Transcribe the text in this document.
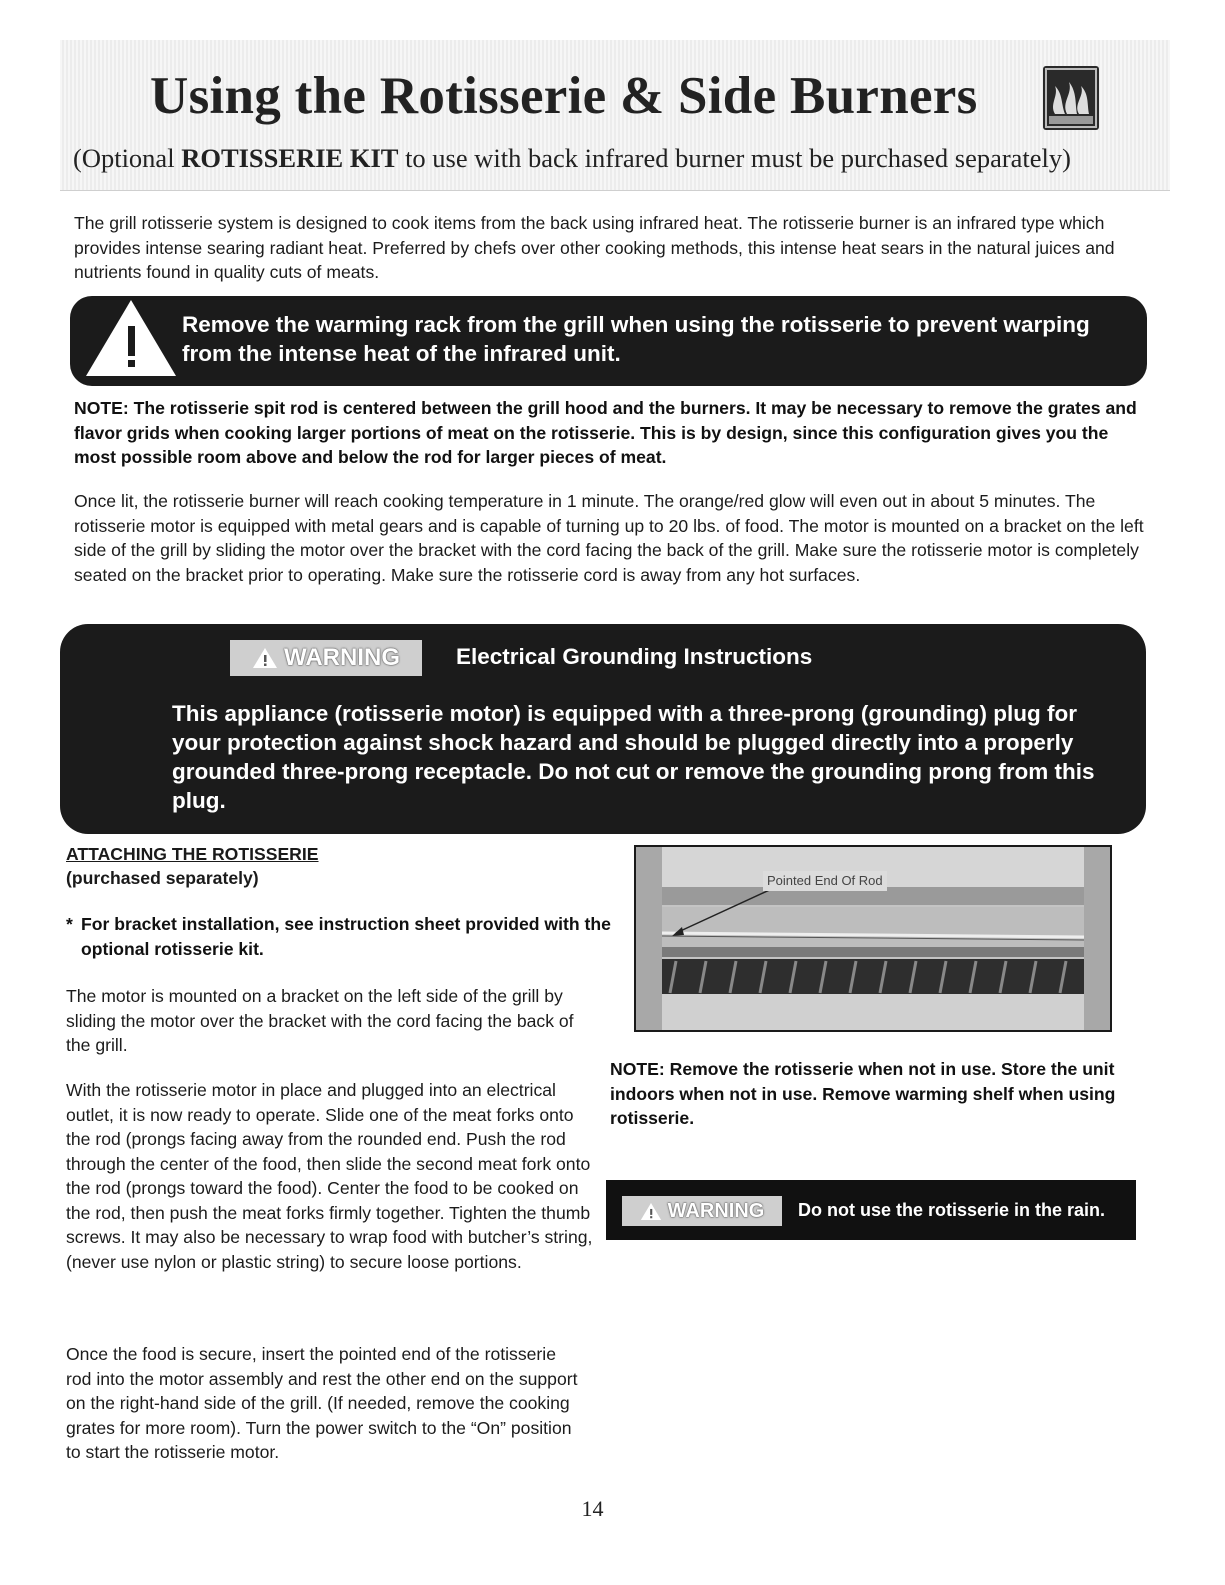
Using the Rotisserie & Side Burners
(Optional ROTISSERIE KIT to use with back infrared burner must be purchased separately)
The grill rotisserie system is designed to cook items from the back using infrared heat. The rotisserie burner is an infrared type which provides intense searing radiant heat. Preferred by chefs over other cooking methods, this intense heat sears in the natural juices and nutrients found in quality cuts of meats.
Remove the warming rack from the grill when using the rotisserie to prevent warping from the intense heat of the infrared unit.
NOTE: The rotisserie spit rod is centered between the grill hood and the burners. It may be necessary to remove the grates and flavor grids when cooking larger portions of meat on the rotisserie. This is by design, since this configuration gives you the most possible room above and below the rod for larger pieces of meat.
Once lit, the rotisserie burner will reach cooking temperature in 1 minute. The orange/red glow will even out in about 5 minutes. The rotisserie motor is equipped with metal gears and is capable of turning up to 20 lbs. of food. The motor is mounted on a bracket on the left side of the grill by sliding the motor over the bracket with the cord facing the back of the grill. Make sure the rotisserie motor is completely seated on the bracket prior to operating. Make sure the rotisserie cord is away from any hot surfaces.
WARNING Electrical Grounding Instructions
This appliance (rotisserie motor) is equipped with a three-prong (grounding) plug for your protection against shock hazard and should be plugged directly into a properly grounded three-prong receptacle. Do not cut or remove the grounding prong from this plug.
ATTACHING THE ROTISSERIE
(purchased separately)
* For bracket installation, see instruction sheet provided with the optional rotisserie kit.
The motor is mounted on a bracket on the left side of the grill by sliding the motor over the bracket with the cord facing the back of the grill.
With the rotisserie motor in place and plugged into an electrical outlet, it is now ready to operate. Slide one of the meat forks onto the rod (prongs facing away from the rounded end. Push the rod through the center of the food, then slide the second meat fork onto the rod (prongs toward the food). Center the food to be cooked on the rod, then push the meat forks firmly together. Tighten the thumb screws. It may also be necessary to wrap food with butcher’s string, (never use nylon or plastic string) to secure loose portions.
Once the food is secure, insert the pointed end of the rotisserie rod into the motor assembly and rest the other end on the support on the right-hand side of the grill. (If needed, remove the cooking grates for more room). Turn the power switch to the “On” position to start the rotisserie motor.
Pointed End Of Rod
NOTE: Remove the rotisserie when not in use. Store the unit indoors when not in use. Remove warming shelf when using rotisserie.
WARNING Do not use the rotisserie in the rain.
14
